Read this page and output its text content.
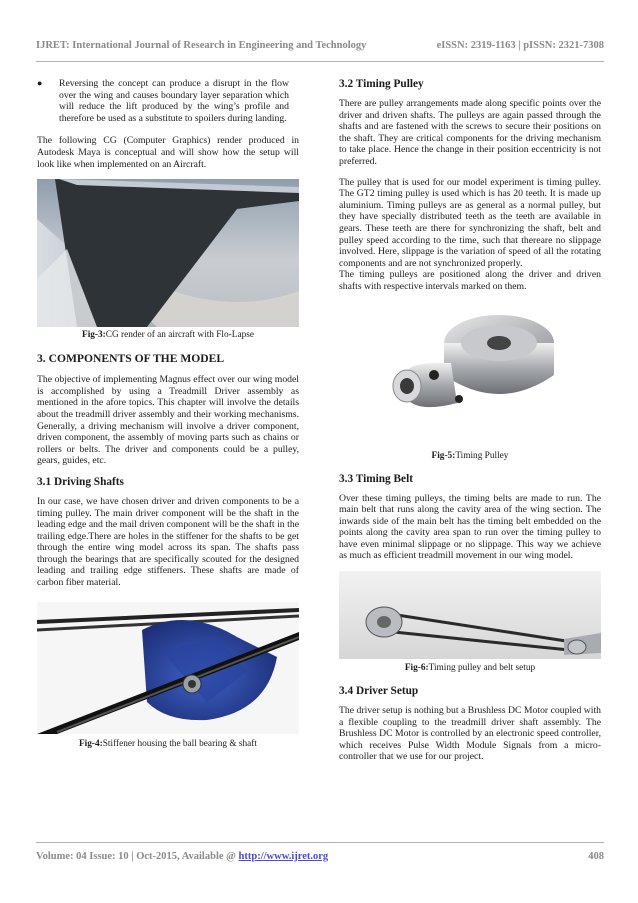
IJRET: International Journal of Research in Engineering and Technology	eISSN: 2319-1163 | pISSN: 2321-7308
●	Reversing the concept can produce a disrupt in the flow over the wing and causes boundary layer separation which will reduce the lift produced by the wing’s profile and therefore be used as a substitute to spoilers during landing.

The following CG (Computer Graphics) render produced in Autodesk Maya is conceptual and will show how the setup will look like when implemented on an Aircraft.

Fig-3:CG render of an aircraft with Flo-Lapse
3. COMPONENTS OF THE MODEL

The objective of implementing Magnus effect over our wing model is accomplished by using a Treadmill Driver assembly as mentioned in the afore topics. This chapter will involve the details about the treadmill driver assembly and their working mechanisms. Generally, a driving mechanism will involve a driver component, driven component, the assembly of moving parts such as chains or rollers or belts. The driver and components could be a pulley, gears, guides, etc.

3.1 Driving Shafts

In our case, we have chosen driver and driven components to be a timing pulley. The main driver component will be the shaft in the leading edge and the mail driven component will be the shaft in the trailing edge.There are holes in the stiffener for the shafts to be get through the entire wing model across its span. The shafts pass through the bearings that are specifically scouted for the designed leading and trailing edge stiffeners. These shafts are made of carbon fiber material.

Fig-4:Stiffener housing the ball bearing & shaft
3.2 Timing Pulley

There are pulley arrangements made along specific points over the driver and driven shafts. The pulleys are again passed through the shafts and are fastened with the screws to secure their positions on the shaft. They are critical components for the driving mechanism to take place. Hence the change in their position eccentricity is not preferred.

The pulley that is used for our model experiment is timing pulley. The GT2 timing pulley is used which is has 20 teeth. It is made up aluminium. Timing pulleys are as general as a normal pulley, but they have specially distributed teeth as the teeth are available in gears. These teeth are there for synchronizing the shaft, belt and pulley speed according to the time, such that thereare no slippage involved. Here, slippage is the variation of speed of all the rotating components and are not synchronized properly.

The timing pulleys are positioned along the driver and driven shafts with respective intervals marked on them.

Fig-5:Timing Pulley
3.3 Timing Belt

Over these timing pulleys, the timing belts are made to run. The main belt that runs along the cavity area of the wing section. The inwards side of the main belt has the timing belt embedded on the points along the cavity area span to run over the timing pulley to have even minimal slippage or no slippage. This way we achieve as much as efficient treadmill movement in our wing model.

Fig-6:Timing pulley and belt setup
3.4 Driver Setup

The driver setup is nothing but a Brushless DC Motor coupled with a flexible coupling to the treadmill driver shaft assembly. The Brushless DC Motor is controlled by an electronic speed controller, which receives Pulse Width Module Signals from a micro-controller that we use for our project.

Volume: 04 Issue: 10 | Oct-2015, Available @ http://www.ijret.org	408
